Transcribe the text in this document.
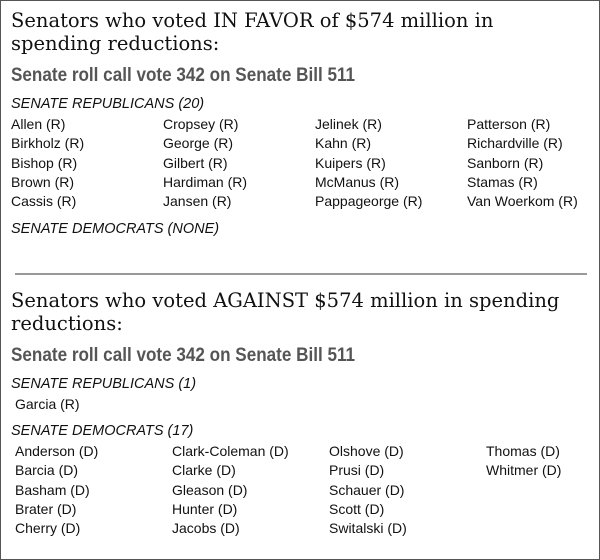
Senators who voted IN FAVOR of $574 million in spending reductions:
Senate roll call vote 342 on Senate Bill 511
SENATE REPUBLICANS (20)
Allen (R)
Birkholz (R)
Bishop (R)
Brown (R)
Cassis (R)
Cropsey (R)
George (R)
Gilbert (R)
Hardiman (R)
Jansen (R)
Jelinek (R)
Kahn (R)
Kuipers (R)
McManus (R)
Pappageorge (R)
Patterson (R)
Richardville (R)
Sanborn (R)
Stamas (R)
Van Woerkom (R)
SENATE DEMOCRATS (NONE)
Senators who voted AGAINST $574 million in spending reductions:
Senate roll call vote 342 on Senate Bill 511
SENATE REPUBLICANS (1)
Garcia (R)
SENATE DEMOCRATS (17)
Anderson (D)
Barcia (D)
Basham (D)
Brater (D)
Cherry (D)
Clark-Coleman (D)
Clarke (D)
Gleason (D)
Hunter (D)
Jacobs (D)
Olshove (D)
Prusi (D)
Schauer (D)
Scott (D)
Switalski (D)
Thomas (D)
Whitmer (D)
